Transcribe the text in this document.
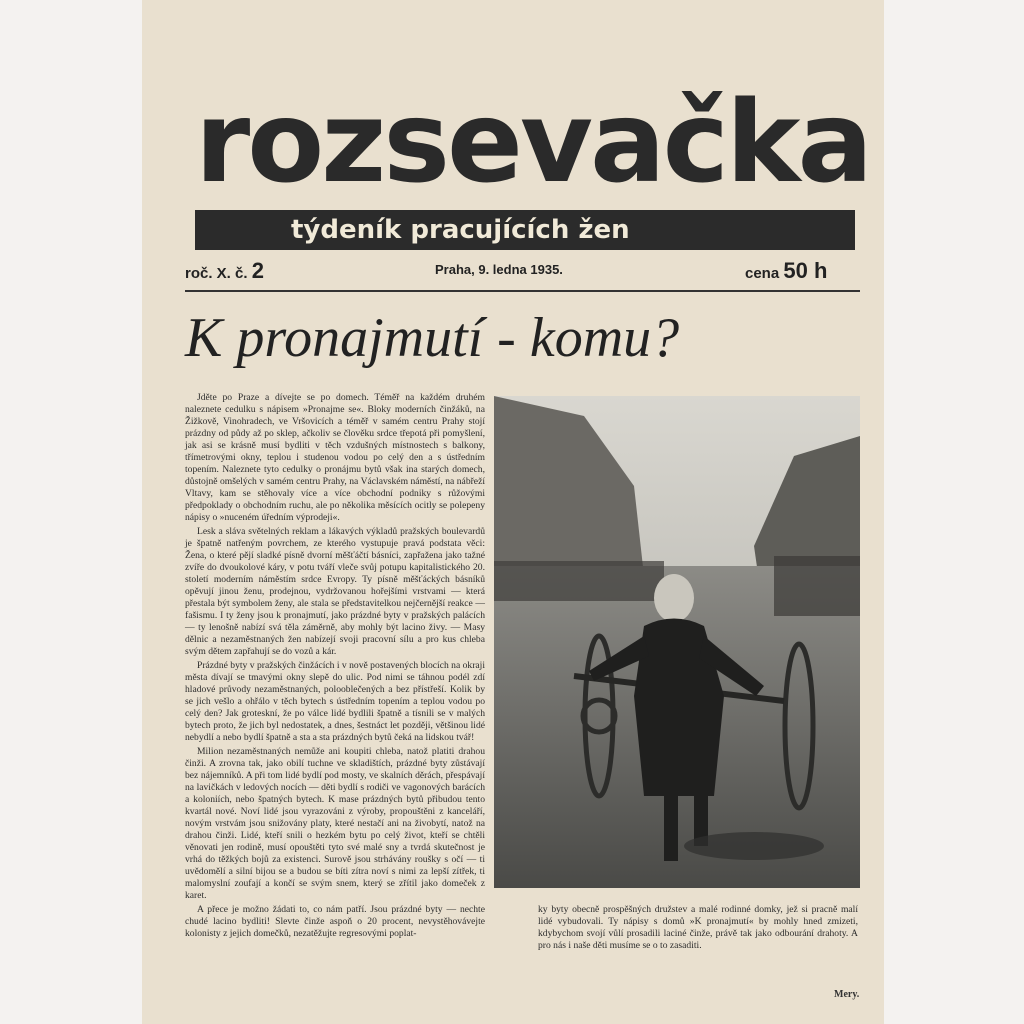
rozsevačka
týdeník pracujících žen
roč. X. č. 2	Praha, 9. ledna 1935.	cena 50 h
K pronajmutí - komu?

Jděte po Praze a dívejte se po domech. Téměř na každém druhém naleznete cedulku s nápisem »Pronajme se«. Bloky moderních činžáků, na Žižkově, Vinohradech, ve Vršovicích a téměř v samém centru Prahy stojí prázdny od půdy až po sklep, ačkoliv se člověku srdce třepotá při pomyšlení, jak asi se krásně musí bydliti v těch vzdušných místnostech s balkony, třímetrovými okny, teplou i studenou vodou po celý den a s ústředním topením. Naleznete tyto cedulky o pronájmu bytů však ina starých domech, důstojně omšelých v samém centru Prahy, na Václavském náměstí, na nábřeží Vltavy, kam se stěhovaly více a více obchodní podniky s růžovými předpoklady o obchodním ruchu, ale po několika měsících ocitly se polepeny nápisy o »nuceném úředním výprodeji«.

Lesk a sláva světelných reklam a lákavých výkladů pražských boulevardů je špatně natřeným povrchem, ze kterého vystupuje pravá podstata věci: Žena, o které pějí sladké písně dvorní měšťáčtí básníci, zapřažena jako tažné zvíře do dvoukolové káry, v potu tváří vleče svůj potupu kapitalistického 20. století moderním náměstím srdce Evropy. Ty písně měšťáckých básníků opěvují jinou ženu, prodejnou, vydržovanou hořejšími vrstvami — která přestala být symbolem ženy, ale stala se představitelkou nejčernější reakce — fašismu. I ty ženy jsou k pronajmutí, jako prázdné byty v pražských palácích — ty lenošně nabízí svá těla záměrně, aby mohly být lacino živy. — Masy dělnic a nezaměstnaných žen nabízejí svoji pracovní sílu a pro kus chleba svým dětem zapřahují se do vozů a kár.

Prázdné byty v pražských činžácích i v nově postavených blocích na okraji města dívají se tmavými okny slepě do ulic. Pod nimi se táhnou podél zdí hladové průvody nezaměstnaných, polooblečených a bez přístřeší. Kolik by se jich vešlo a ohřálo v těch bytech s ústředním topením a teplou vodou po celý den? Jak groteskní, že po válce lidé bydlili špatně a tísnili se v malých bytech proto, že jich byl nedostatek, a dnes, šestnáct let později, většinou lidé nebydlí a nebo bydlí špatně a sta a sta prázdných bytů čeká na lidskou tvář!

Milion nezaměstnaných nemůže ani koupiti chleba, natož platiti drahou činži. A zrovna tak, jako obilí tuchne ve skladištích, prázdné byty zůstávají bez nájemníků. A při tom lidé bydlí pod mosty, ve skalních děrách, přespávají na lavičkách v ledových nocích — děti bydlí s rodiči ve vagonových barácích a koloniích, nebo špatných bytech. K mase prázdných bytů přibudou tento kvartál nové. Noví lidé jsou vyrazováni z výroby, propouštěni z kanceláří, novým vrstvám jsou snižovány platy, které nestačí ani na živobytí, natož na drahou činži. Lidé, kteří snili o hezkém bytu po celý život, kteří se chtěli věnovati jen rodině, musí opouštěti tyto své malé sny a tvrdá skutečnost je vrhá do těžkých bojů za existenci. Surově jsou strhávány roušky s očí — ti uvědomělí a silní bijou se a budou se bíti zítra noví s nimi za lepší zítřek, ti malomyslní zoufají a končí se svým snem, který se zřítil jako domeček z karet.

A přece je možno žádati to, co nám patří. Jsou prázdné byty — nechte chudé lacino bydliti! Slevte činže aspoň o 20 procent, nevystěhovávejte kolonisty z jejich domečků, nezatěžujte regresovými poplat-

ky byty obecně prospěšných družstev a malé rodinné domky, jež si pracně malí lidé vybudovali. Ty nápisy s domů »K pronajmutí« by mohly hned zmizeti, kdybychom svojí vůlí prosadili laciné činže, právě tak jako odbourání drahoty. A pro nás i naše děti musíme se o to zasaditi.

Mery.
